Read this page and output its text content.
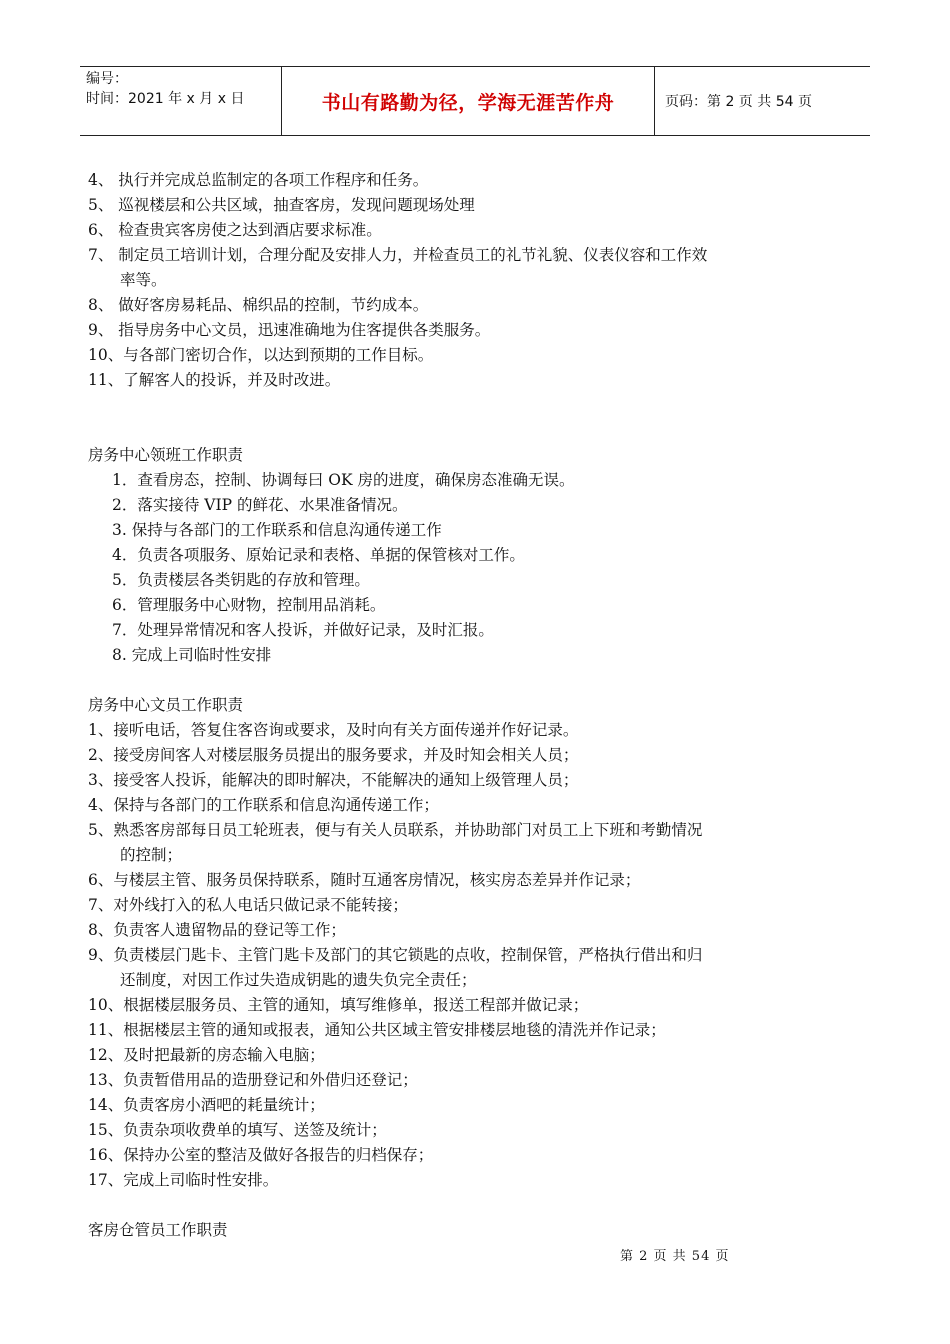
编号：
时间：2021 年 x 月 x 日	书山有路勤为径，学海无涯苦作舟	页码：第 2 页 共 54 页
4、 执行并完成总监制定的各项工作程序和任务。
5、 巡视楼层和公共区域，抽查客房，发现问题现场处理
6、 检查贵宾客房使之达到酒店要求标准。
7、 制定员工培训计划，合理分配及安排人力，并检查员工的礼节礼貌、仪表仪容和工作效
率等。
8、 做好客房易耗品、棉织品的控制，节约成本。
9、 指导房务中心文员，迅速准确地为住客提供各类服务。
10、与各部门密切合作，以达到预期的工作目标。
11、了解客人的投诉，并及时改进。
房务中心领班工作职责
1．查看房态，控制、协调每曰 OK 房的进度，确保房态准确无误。
2．落实接待 VIP 的鲜花、水果准备情况。
3. 保持与各部门的工作联系和信息沟通传递工作
4．负责各项服务、原始记录和表格、单据的保管核对工作。
5．负责楼层各类钥匙的存放和管理。
6．管理服务中心财物，控制用品消耗。
7．处理异常情况和客人投诉，并做好记录，及时汇报。
8. 完成上司临时性安排
房务中心文员工作职责
1、接听电话，答复住客咨询或要求，及时向有关方面传递并作好记录。
2、接受房间客人对楼层服务员提出的服务要求，并及时知会相关人员；
3、接受客人投诉，能解决的即时解决，不能解决的通知上级管理人员；
4、保持与各部门的工作联系和信息沟通传递工作；
5、熟悉客房部每日员工轮班表，便与有关人员联系，并协助部门对员工上下班和考勤情况
的控制；
6、与楼层主管、服务员保持联系，随时互通客房情况，核实房态差异并作记录；
7、对外线打入的私人电话只做记录不能转接；
8、负责客人遗留物品的登记等工作；
9、负责楼层门匙卡、主管门匙卡及部门的其它锁匙的点收，控制保管，严格执行借出和归
还制度，对因工作过失造成钥匙的遗失负完全责任；
10、根据楼层服务员、主管的通知，填写维修单，报送工程部并做记录；
11、根据楼层主管的通知或报表，通知公共区域主管安排楼层地毯的清洗并作记录；
12、及时把最新的房态输入电脑；
13、负责暂借用品的造册登记和外借归还登记；
14、负责客房小酒吧的耗量统计；
15、负责杂项收费单的填写、送签及统计；
16、保持办公室的整洁及做好各报告的归档保存；
17、完成上司临时性安排。
客房仓管员工作职责
第 2 页 共 54 页
